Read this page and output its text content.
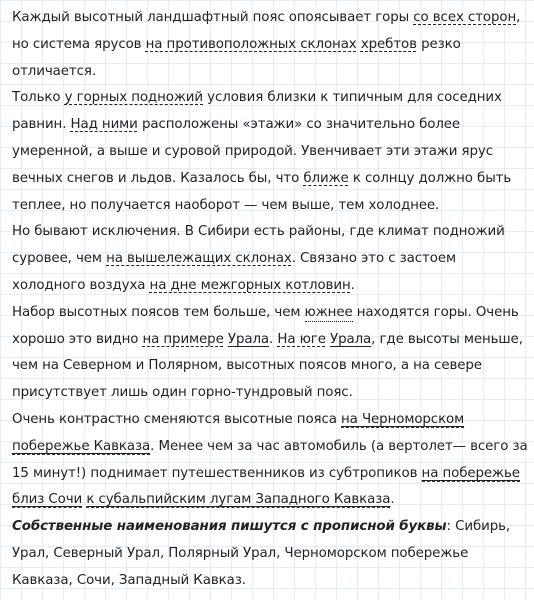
Каждый высотный ландшафтный пояс опоясывает горы со всех сторон, но система ярусов на противоположных склонах хребтов резко отличается.

Только у горных подножий условия близки к типичным для соседних равнин. Над ними расположены «этажи» со значительно более умеренной, а выше и суровой природой. Увенчивает эти этажи ярус вечных снегов и льдов. Казалось бы, что ближе к солнцу должно быть теплее, но получается наоборот — чем выше, тем холоднее.

Но бывают исключения. В Сибири есть районы, где климат подножий суровее, чем на вышележащих склонах. Связано это с застоем холодного воздуха на дне межгорных котловин.

Набор высотных поясов тем больше, чем южнее находятся горы. Очень хорошо это видно на примере Урала. На юге Урала, где высоты меньше, чем на Северном и Полярном, высотных поясов много, а на севере присутствует лишь один горно-тундровый пояс.

Очень контрастно сменяются высотные пояса на Черноморском побережье Кавказа. Менее чем за час автомобиль (а вертолет— всего за 15 минут!) поднимает путешественников из субтропиков на побережье близ Сочи к субальпийским лугам Западного Кавказа.

Собственные наименования пишутся с прописной буквы: Сибирь, Урал, Северный Урал, Полярный Урал, Черноморском побережье Кавказа, Сочи, Западный Кавказ.
